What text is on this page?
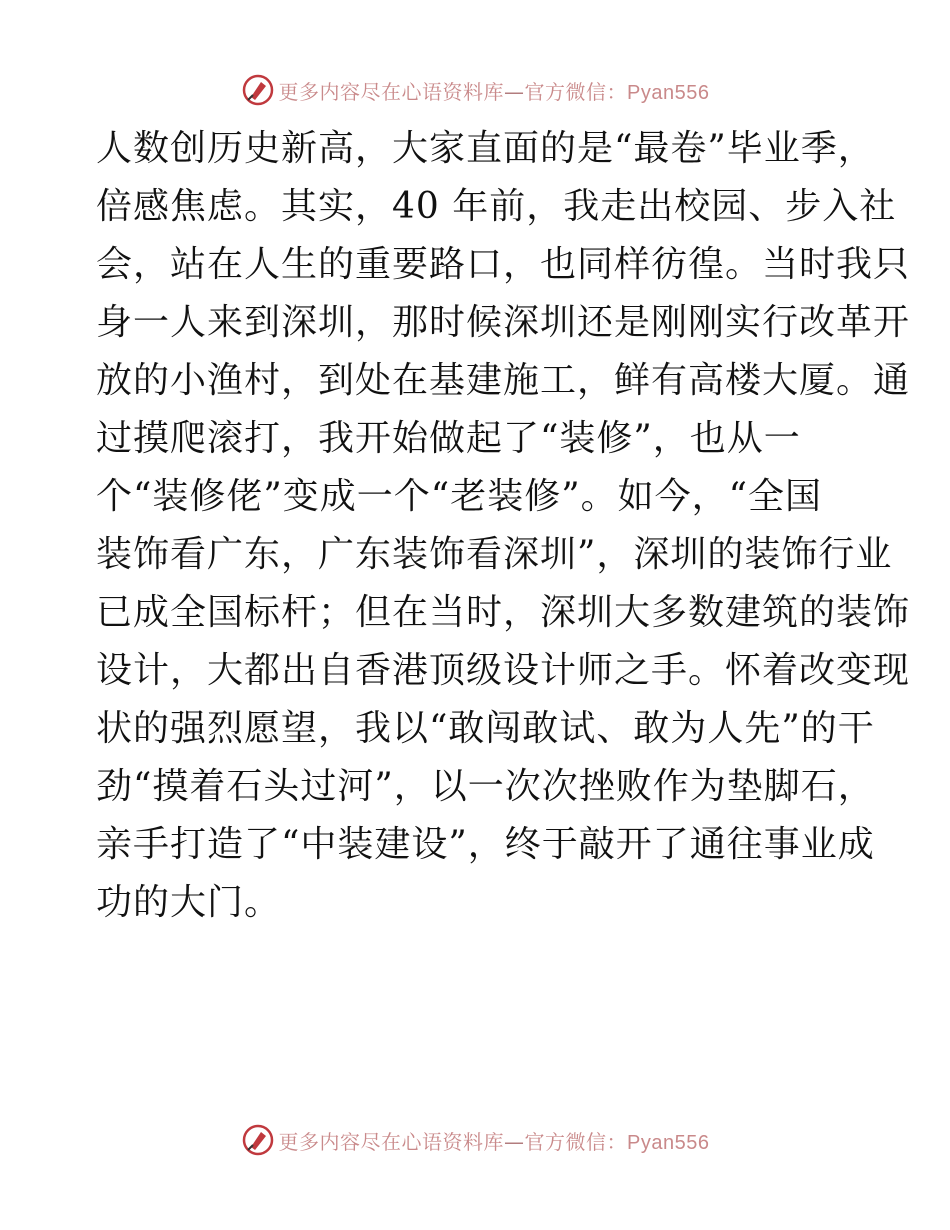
更多内容尽在心语资料库—官方微信：Pyan556
人数创历史新高，大家直面的是“最卷”毕业季，
倍感焦虑。其实，40 年前，我走出校园、步入社
会，站在人生的重要路口，也同样彷徨。当时我只
身一人来到深圳，那时候深圳还是刚刚实行改革开
放的小渔村，到处在基建施工，鲜有高楼大厦。通
过摸爬滚打，我开始做起了“装修”，也从一
个“装修佬”变成一个“老装修”。如今，“全国
装饰看广东，广东装饰看深圳”，深圳的装饰行业
已成全国标杆；但在当时，深圳大多数建筑的装饰
设计，大都出自香港顶级设计师之手。怀着改变现
状的强烈愿望，我以“敢闯敢试、敢为人先”的干
劲“摸着石头过河”，以一次次挫败作为垫脚石，
亲手打造了“中装建设”，终于敲开了通往事业成
功的大门。
更多内容尽在心语资料库—官方微信：Pyan556
